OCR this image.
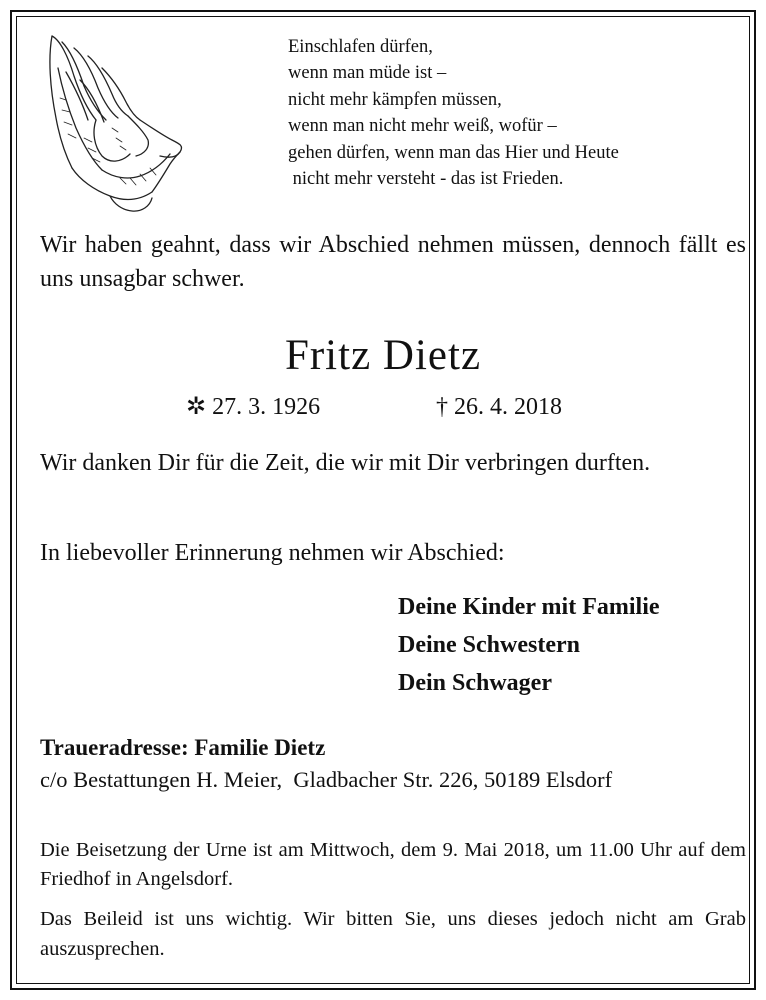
Einschlafen dürfen,
wenn man müde ist –
nicht mehr kämpfen müssen,
wenn man nicht mehr weiß, wofür –
gehen dürfen, wenn man das Hier und Heute
nicht mehr versteht - das ist Frieden.
Wir haben geahnt, dass wir Abschied nehmen müssen, dennoch fällt es uns unsagbar schwer.
Fritz Dietz
✲ 27. 3. 1926	† 26. 4. 2018
Wir danken Dir für die Zeit, die wir mit Dir verbringen durften.
In liebevoller Erinnerung nehmen wir Abschied:
Deine Kinder mit Familie
Deine Schwestern
Dein Schwager
Traueradresse: Familie Dietz
c/o Bestattungen H. Meier,  Gladbacher Str. 226, 50189 Elsdorf
Die Beisetzung der Urne ist am Mittwoch, dem 9. Mai 2018, um 11.00 Uhr auf dem Friedhof in Angelsdorf.
Das Beileid ist uns wichtig. Wir bitten Sie, uns dieses jedoch nicht am Grab auszusprechen.
